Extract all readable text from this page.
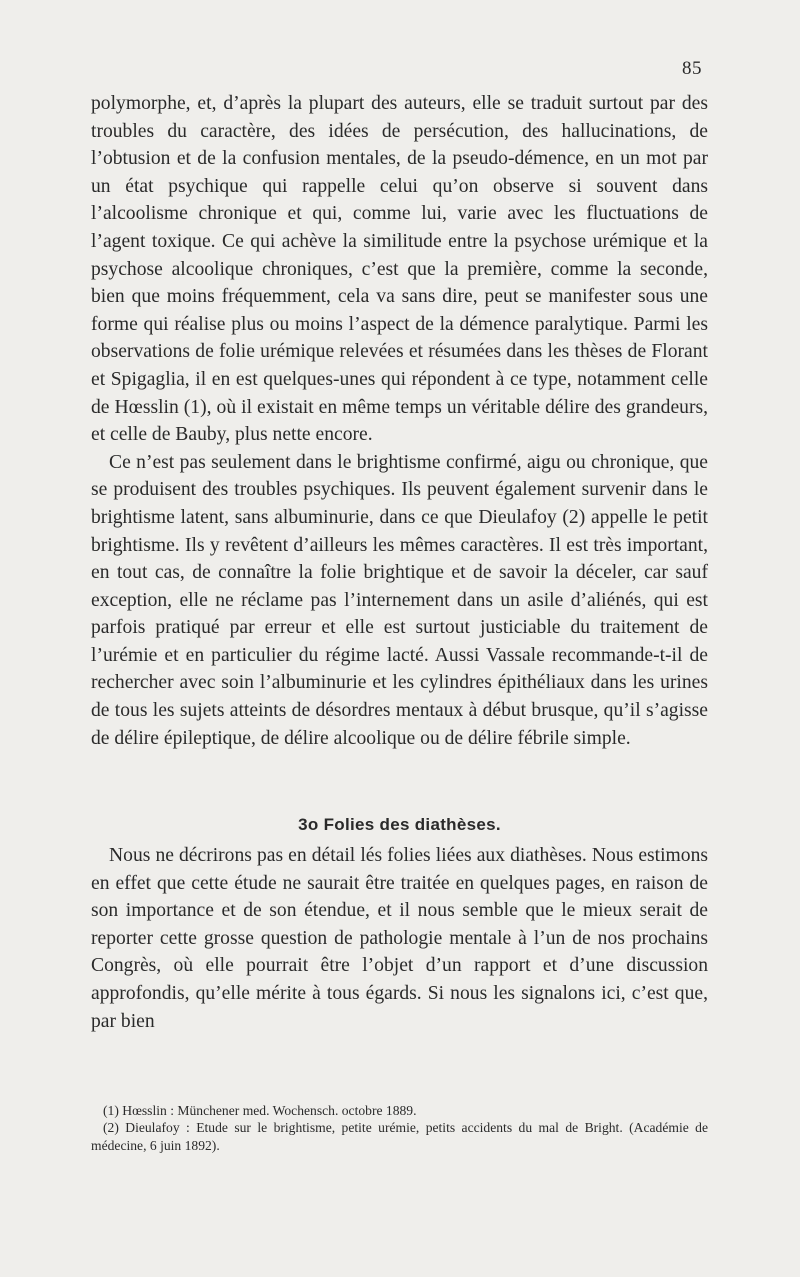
85

polymorphe, et, d’après la plupart des auteurs, elle se traduit surtout par des troubles du caractère, des idées de persécution, des hallucinations, de l’obtusion et de la confusion mentales, de la pseudo-démence, en un mot par un état psychique qui rappelle celui qu’on observe si souvent dans l’alcoolisme chronique et qui, comme lui, varie avec les fluctuations de l’agent toxique. Ce qui achève la similitude entre la psychose urémique et la psychose alcoolique chroniques, c’est que la première, comme la seconde, bien que moins fréquemment, cela va sans dire, peut se manifester sous une forme qui réalise plus ou moins l’aspect de la démence paralytique. Parmi les observations de folie urémique relevées et résumées dans les thèses de Florant et Spigaglia, il en est quelques-unes qui répondent à ce type, notamment celle de Hœsslin (1), où il existait en même temps un véritable délire des grandeurs, et celle de Bauby, plus nette encore.

Ce n’est pas seulement dans le brightisme confirmé, aigu ou chronique, que se produisent des troubles psychiques. Ils peuvent également survenir dans le brightisme latent, sans albuminurie, dans ce que Dieulafoy (2) appelle le petit brightisme. Ils y revêtent d’ailleurs les mêmes caractères. Il est très important, en tout cas, de connaître la folie brightique et de savoir la déceler, car sauf exception, elle ne réclame pas l’internement dans un asile d’aliénés, qui est parfois pratiqué par erreur et elle est surtout justiciable du traitement de l’urémie et en particulier du régime lacté. Aussi Vassale recommande-t-il de rechercher avec soin l’albuminurie et les cylindres épithéliaux dans les urines de tous les sujets atteints de désordres mentaux à début brusque, qu’il s’agisse de délire épileptique, de délire alcoolique ou de délire fébrile simple.

3o Folies des diathèses.

Nous ne décrirons pas en détail lés folies liées aux diathèses. Nous estimons en effet que cette étude ne saurait être traitée en quelques pages, en raison de son importance et de son étendue, et il nous semble que le mieux serait de reporter cette grosse question de pathologie mentale à l’un de nos prochains Congrès, où elle pourrait être l’objet d’un rapport et d’une discussion approfondis, qu’elle mérite à tous égards. Si nous les signalons ici, c’est que, par bien

(1) Hœsslin : Münchener med. Wochensch. octobre 1889.

(2) Dieulafoy : Etude sur le brightisme, petite urémie, petits accidents du mal de Bright. (Académie de médecine, 6 juin 1892).
